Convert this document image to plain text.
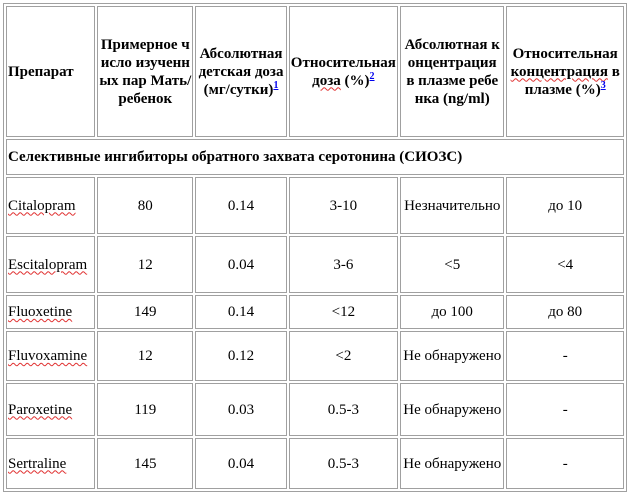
Препарат	Примерное число изученных пар Мать/ребенок	Абсолютная детская доза (мг/сутки)$^1$	Относительная доза (%)$^2$	Абсолютная концентрация в плазме ребенка (ng/ml)	Относительная концентрация в плазме (%)$^3$
Селективные ингибиторы обратного захвата серотонина (СИОЗС)					
Citalopram	80	0.14	3-10	Незначительно	до 10
Escitalopram	12	0.04	3-6	<5	<4
Fluoxetine	149	0.14	<12	до 100	до 80
Fluvoxamine	12	0.12	<2	Не обнаружено	-
Paroxetine	119	0.03	0.5-3	Не обнаружено	-
Sertraline	145	0.04	0.5-3	Не обнаружено	-
